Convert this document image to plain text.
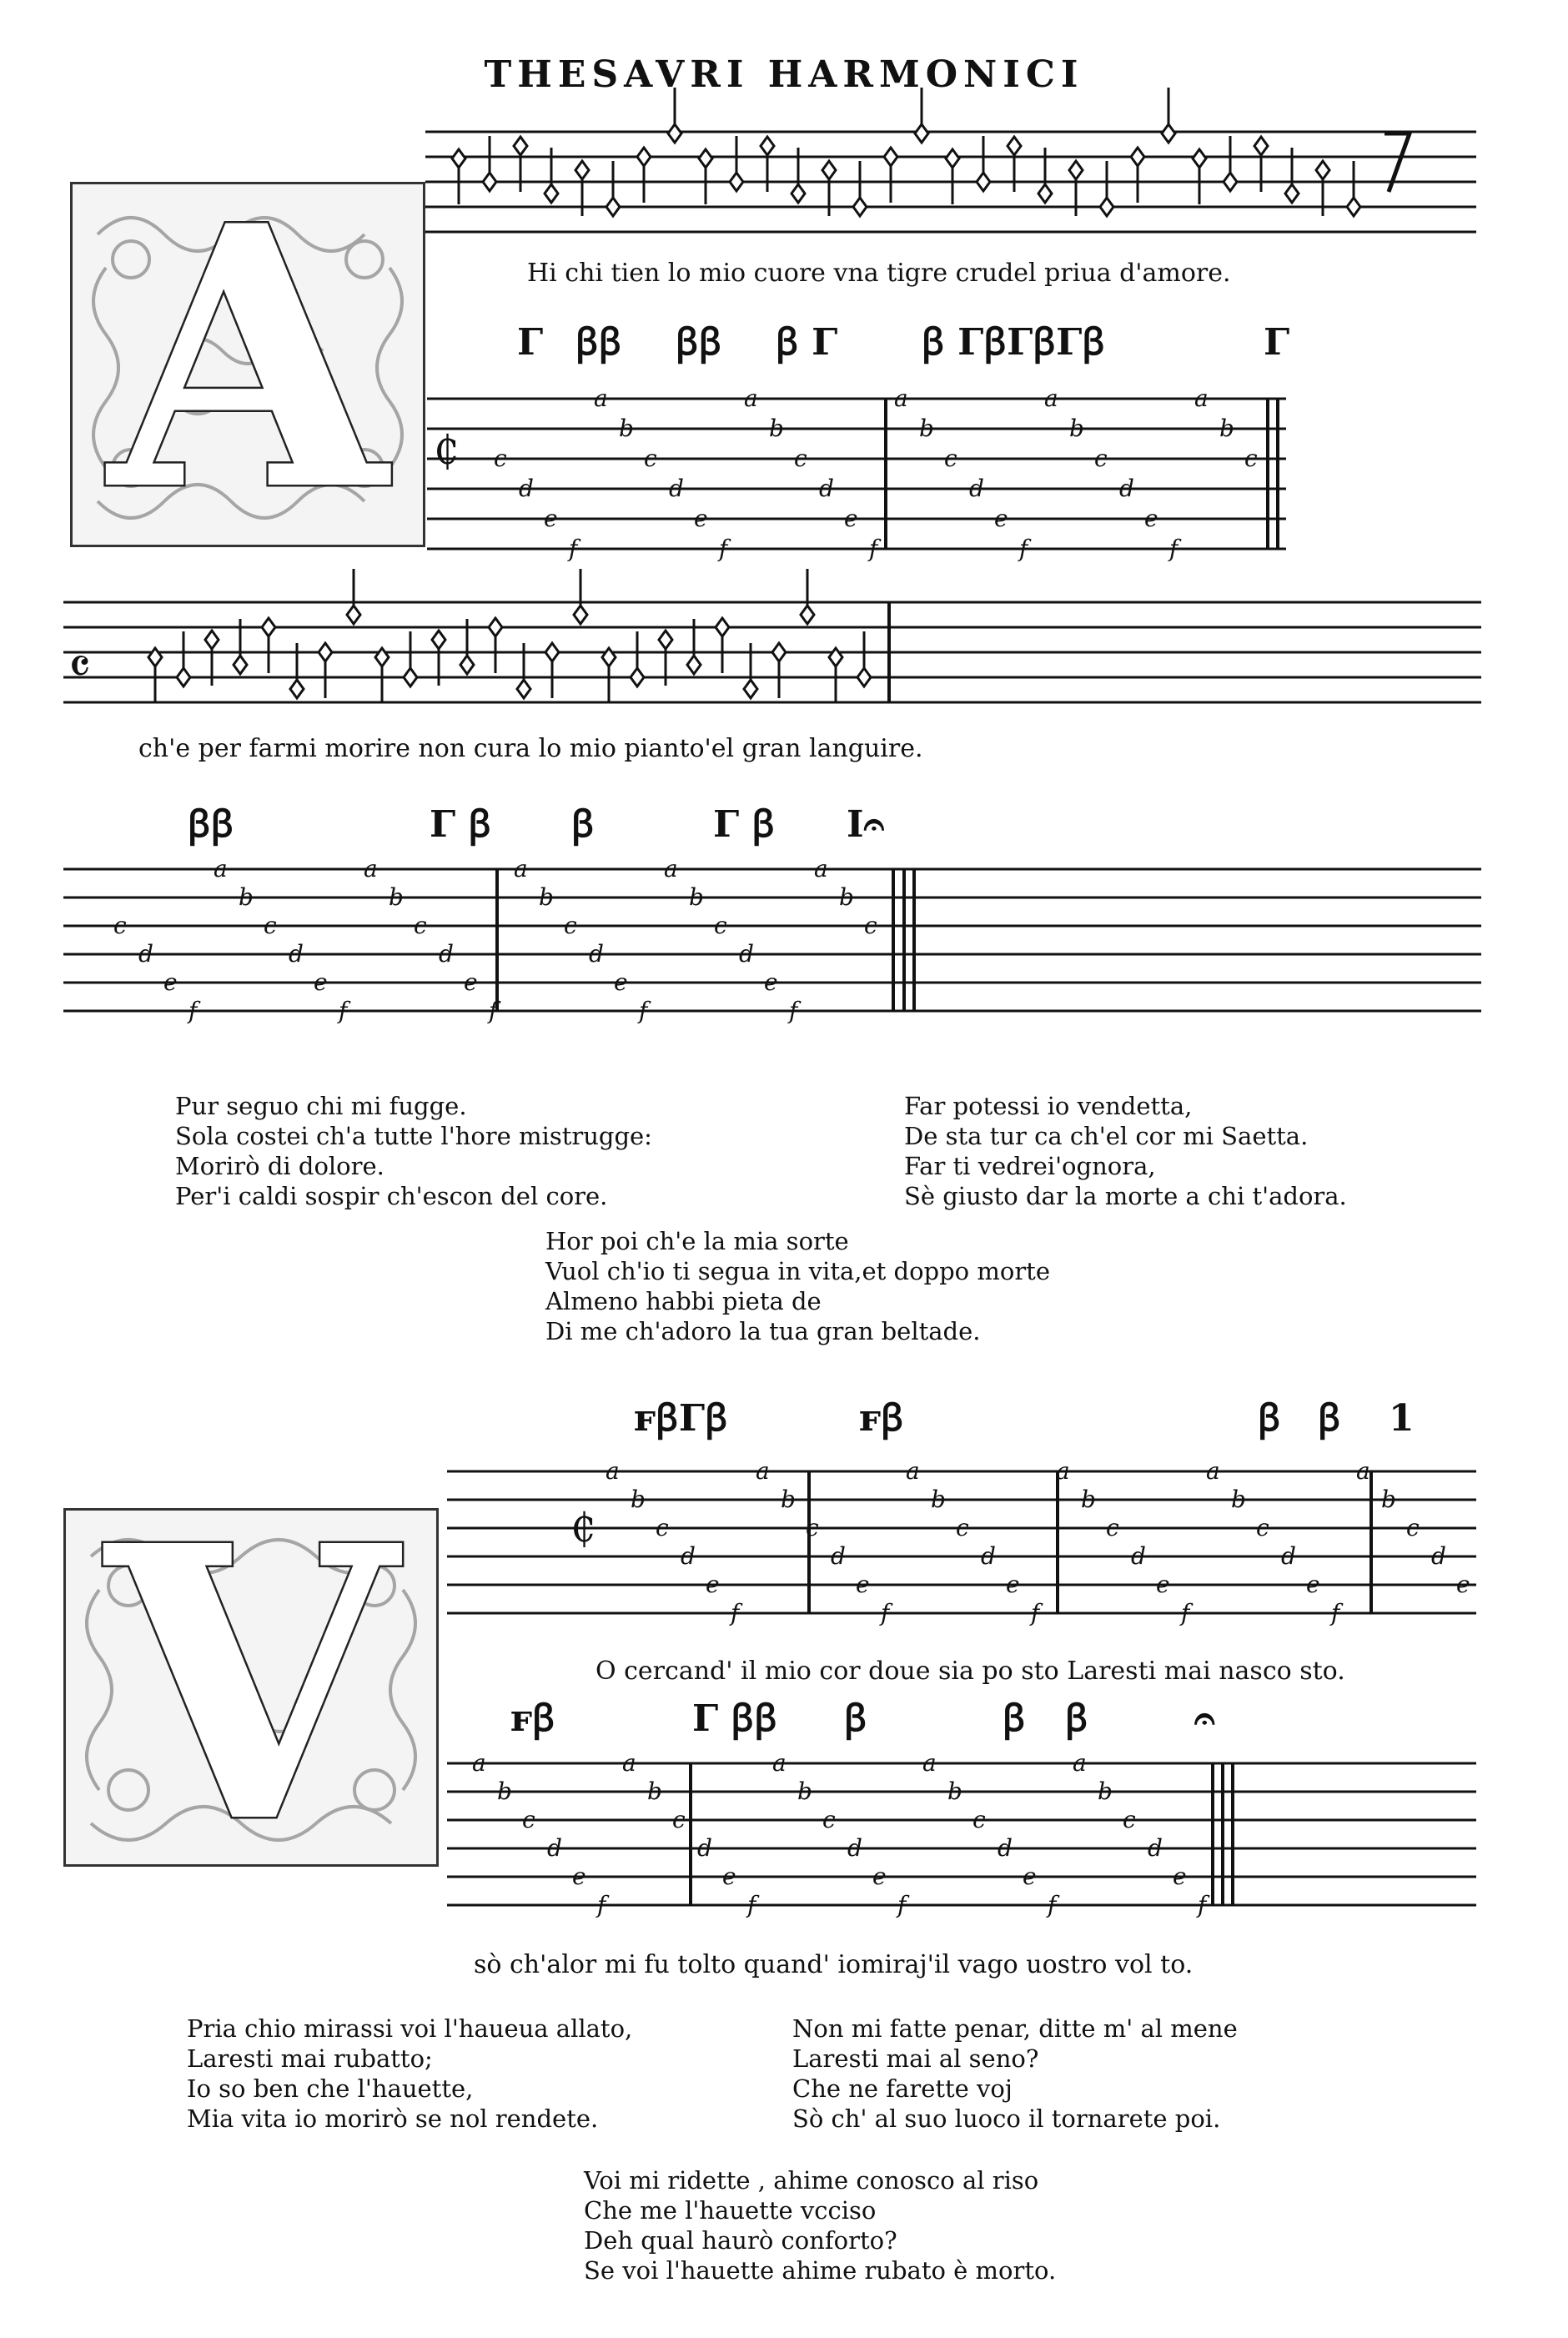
THESAVRI HARMONICI
A	Hi chi tien lo mio cuore vna tigre crudel priua d'amore.
Γ ꞵꞵ ꞵꞵ ꞵ Γ ꞵ ΓꞵΓꞵΓꞵ	Γ
₵ c
d
e
f
a
b
c
d
e
f
a
b
c
d
e
f
a
b
c
d
e
f
a
b
c
d
e
f
a
b
c
𝄴
ch'e per farmi morire non cura lo mio pianto'el gran languire.
ꞵꞵ	Γ ꞵ ꞵ	Γ ꞵ I𝄐
c
d
e
f
a
b
c
d
e
f
a
b
c
d
e
f
a
b
c
d
e
f
a
b
c
d
e
f
a
b
c
Pur seguo chi mi fugge.
Sola costei ch'a tutte l'hore mistrugge:
Morirò di dolore.
Per'i caldi sospir ch'escon del core.
Far potessi io vendetta,
De sta tur ca ch'el cor mi Saetta.
Far ti vedrei'ognora,
Sè giusto dar la morte a chi t'adora.
Hor poi ch'e la mia sorte
Vuol ch'io ti segua in vita,et doppo morte
Almeno habbi pieta de
Di me ch'adoro la tua gran beltade.
V
ꜰꞵΓꞵ	ꜰꞵ	ꞵ ꞵ 1
₵
a
b
c
d
e
f
a
b
c
d
e
f
a
b
c
d
e
f
a
b
c
d
e
f
a
b
c
d
e
f
a
b
c
d
e
O cercand' il mio cor doue sia po sto Laresti mai nasco sto.
ꜰꞵ	Γ ꞵꞵ ꞵ	ꞵ ꞵ	𝄐
a
b
c
d
e
f
a
b
c
d
e
f
a
b
c
d
e
f
a
b
c
d
e
f
a
b
c
d
e
f
sò ch'alor mi fu tolto quand' iomiraj'il vago uostro vol to.
Pria chio mirassi voi l'haueua allato,
Laresti mai rubatto;
Io so ben che l'hauette,
Mia vita io morirò se nol rendete.
Non mi fatte penar, ditte m' al mene
Laresti mai al seno?
Che ne farette voj
Sò ch' al suo luoco il tornarete poi.
Voi mi ridette , ahime conosco al riso
Che me l'hauette vcciso
Deh qual haurò conforto?
Se voi l'hauette ahime rubato è morto.
